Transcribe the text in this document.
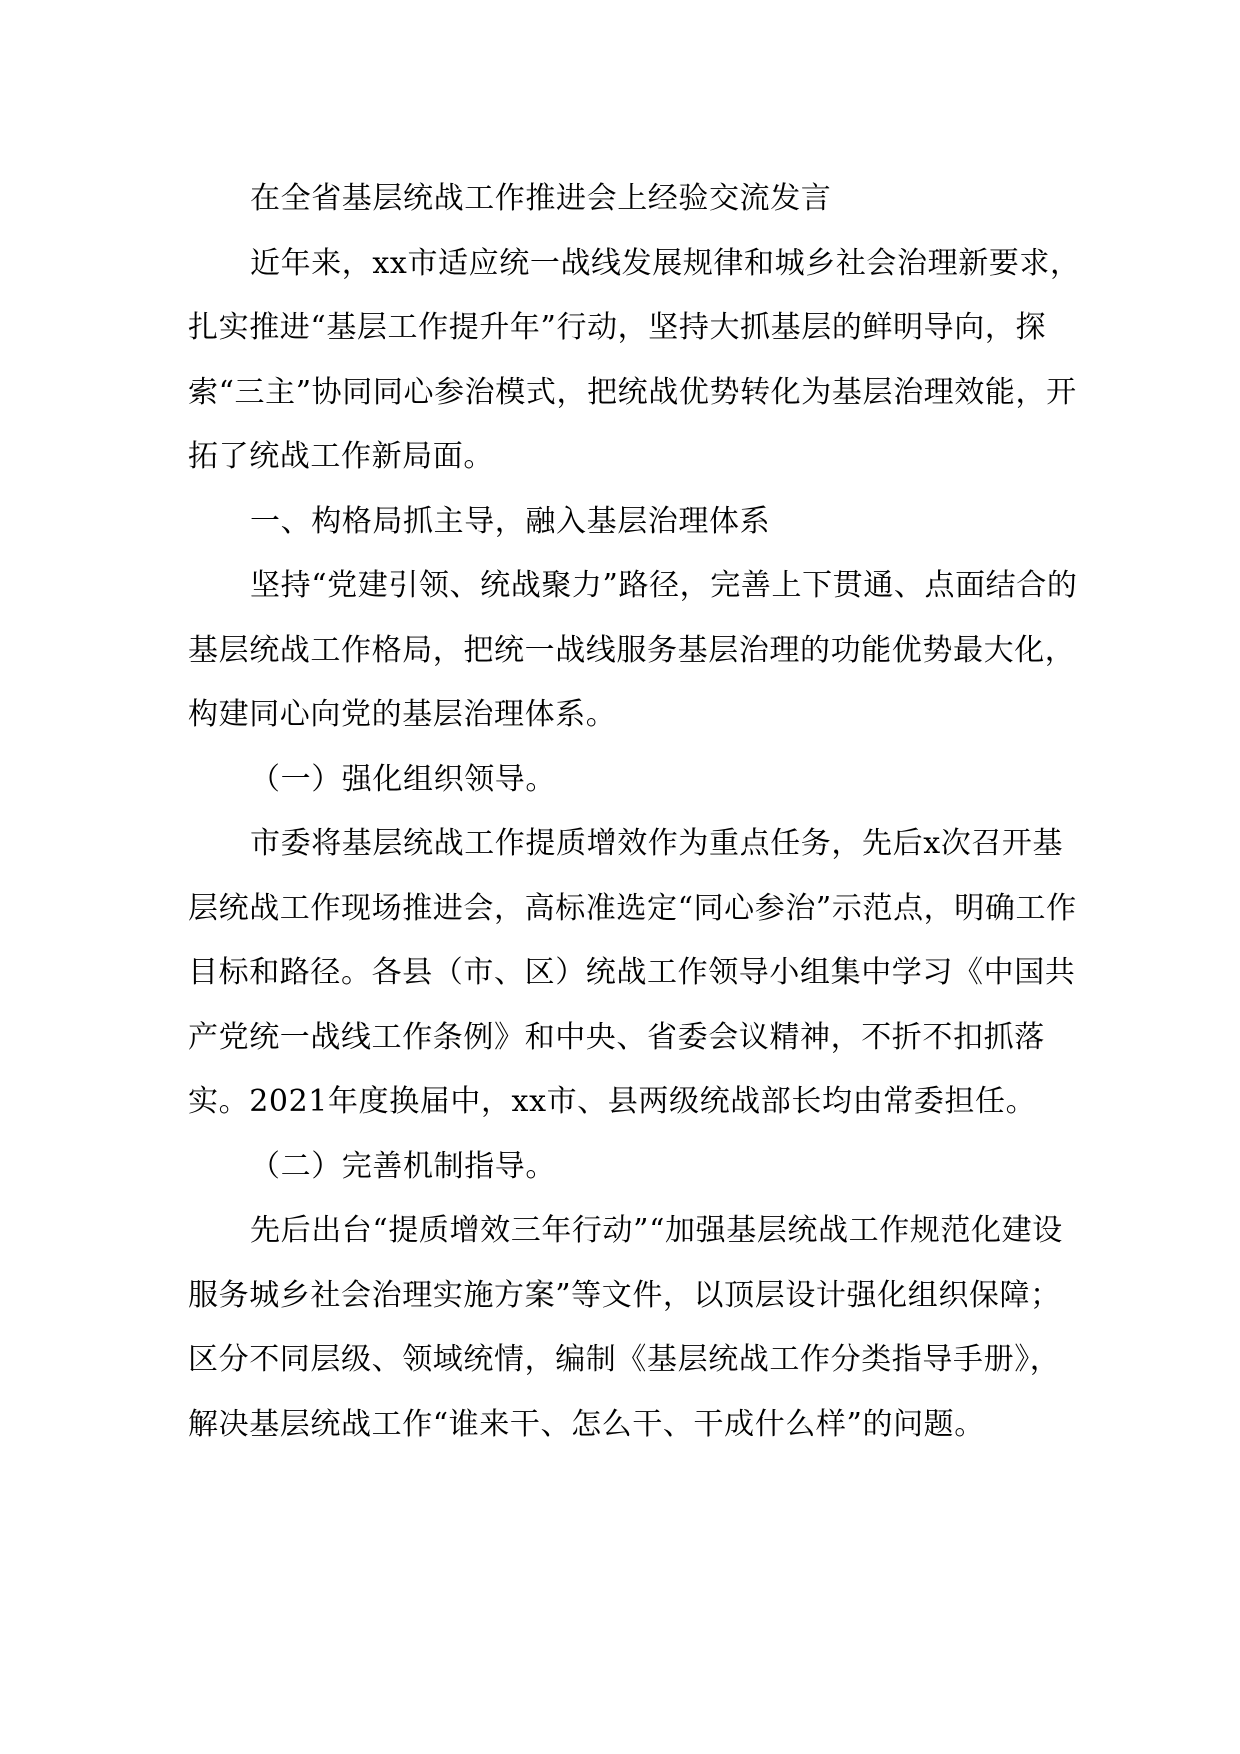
在全省基层统战工作推进会上经验交流发言

近年来，xx市适应统一战线发展规律和城乡社会治理新要求，扎实推进“基层工作提升年”行动，坚持大抓基层的鲜明导向，探索“三主”协同同心参治模式，把统战优势转化为基层治理效能，开拓了统战工作新局面。

一、构格局抓主导，融入基层治理体系

坚持“党建引领、统战聚力”路径，完善上下贯通、点面结合的基层统战工作格局，把统一战线服务基层治理的功能优势最大化，构建同心向党的基层治理体系。

（一）强化组织领导。

市委将基层统战工作提质增效作为重点任务，先后x次召开基层统战工作现场推进会，高标准选定“同心参治”示范点，明确工作目标和路径。各县（市、区）统战工作领导小组集中学习《中国共产党统一战线工作条例》和中央、省委会议精神，不折不扣抓落实。2021年度换届中，xx市、县两级统战部长均由常委担任。

（二）完善机制指导。

先后出台“提质增效三年行动”“加强基层统战工作规范化建设服务城乡社会治理实施方案”等文件，以顶层设计强化组织保障；区分不同层级、领域统情，编制《基层统战工作分类指导手册》，解决基层统战工作“谁来干、怎么干、干成什么样”的问题。
